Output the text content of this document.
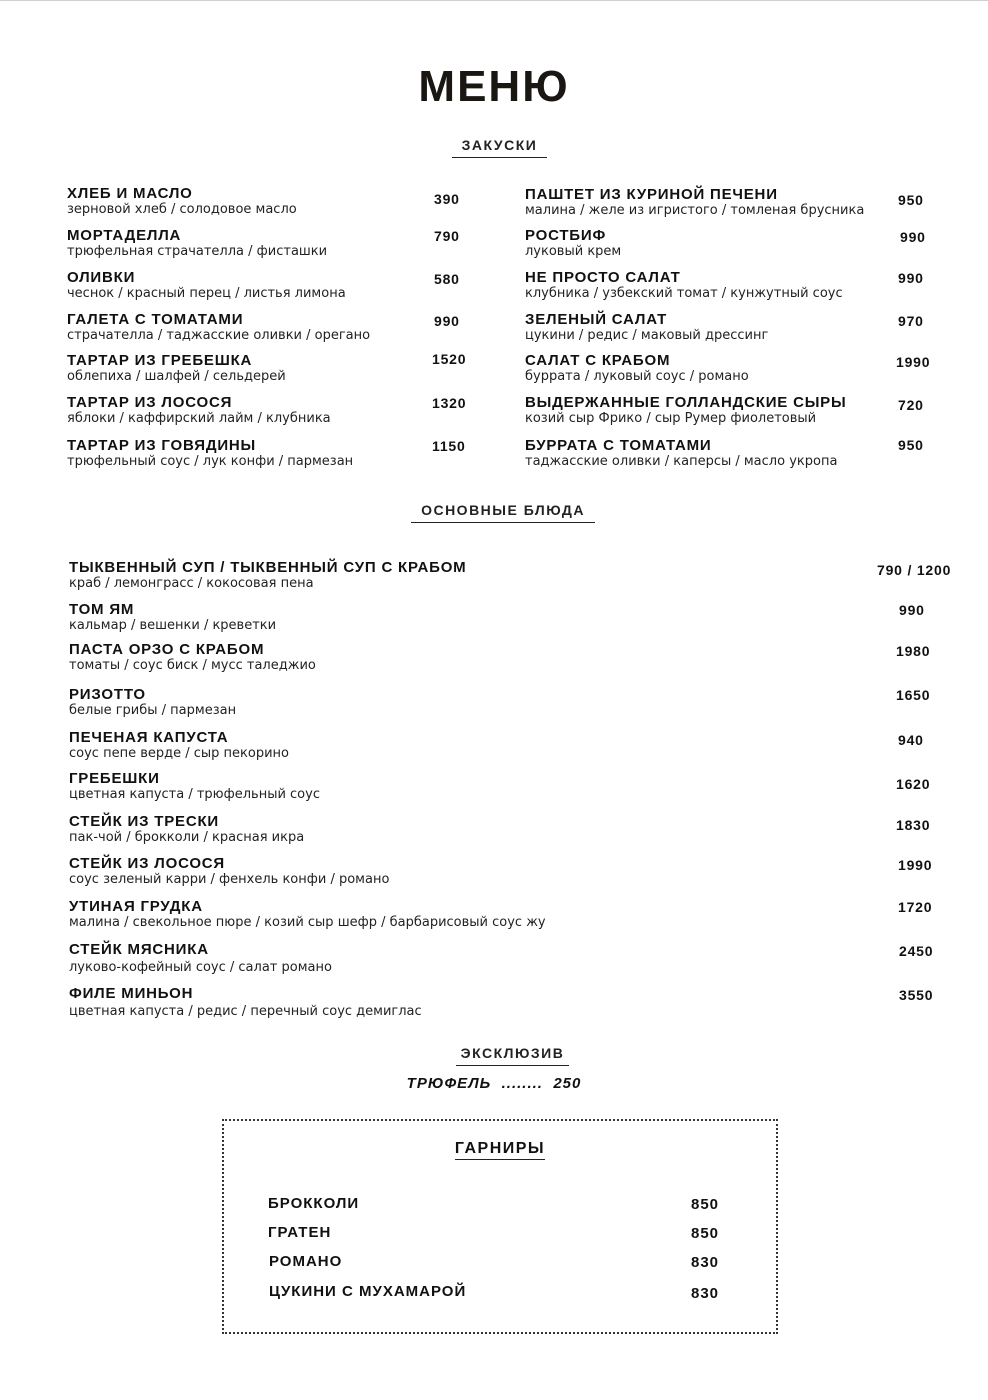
МЕНЮ
ЗАКУСКИ
ХЛЕБ И МАСЛО
зерновой хлеб / солодовое масло
390
МОРТАДЕЛЛА
трюфельная страчателла / фисташки
790
ОЛИВКИ
чеснок / красный перец / листья лимона
580
ГАЛЕТА С ТОМАТАМИ
страчателла / таджасские оливки / орегано
990
ТАРТАР ИЗ ГРЕБЕШКА
облепиха / шалфей / сельдерей
1520
ТАРТАР ИЗ ЛОСОСЯ
яблоки / каффирский лайм / клубника
1320
ТАРТАР ИЗ ГОВЯДИНЫ
трюфельный соус / лук конфи / пармезан
1150
ПАШТЕТ ИЗ КУРИНОЙ ПЕЧЕНИ
малина / желе из игристого / томленая брусника
950
РОСТБИФ
луковый крем
990
НЕ ПРОСТО САЛАТ
клубника / узбекский томат / кунжутный соус
990
ЗЕЛЕНЫЙ САЛАТ
цукини / редис / маковый дрессинг
970
САЛАТ С КРАБОМ
буррата / луковый соус / романо
1990
ВЫДЕРЖАННЫЕ ГОЛЛАНДСКИЕ СЫРЫ
козий сыр Фрико / сыр Румер фиолетовый
720
БУРРАТА С ТОМАТАМИ
таджасские оливки / каперсы / масло укропа
950
ОСНОВНЫЕ БЛЮДА
ТЫКВЕННЫЙ СУП / ТЫКВЕННЫЙ СУП С КРАБОМ
краб / лемонграсс / кокосовая пена
790 / 1200
ТОМ ЯМ
кальмар / вешенки / креветки
990
ПАСТА ОРЗО С КРАБОМ
томаты / соус биск / мусс таледжио
1980
РИЗОТТО
белые грибы / пармезан
1650
ПЕЧЕНАЯ КАПУСТА
соус пепе верде / сыр пекорино
940
ГРЕБЕШКИ
цветная капуста / трюфельный соус
1620
СТЕЙК ИЗ ТРЕСКИ
пак-чой / брокколи / красная икра
1830
СТЕЙК ИЗ ЛОСОСЯ
соус зеленый карри / фенхель конфи / романо
1990
УТИНАЯ ГРУДКА
малина / свекольное пюре / козий сыр шефр / барбарисовый соус жу
1720
СТЕЙК МЯСНИКА
луково-кофейный соус / салат романо
2450
ФИЛЕ МИНЬОН
цветная капуста / редис / перечный соус демиглас
3550
ЭКСКЛЮЗИВ
ТРЮФЕЛЬ ........ 250
ГАРНИРЫ
БРОККОЛИ	850
ГРАТЕН	850
РОМАНО	830
ЦУКИНИ С МУХАМАРОЙ	830
